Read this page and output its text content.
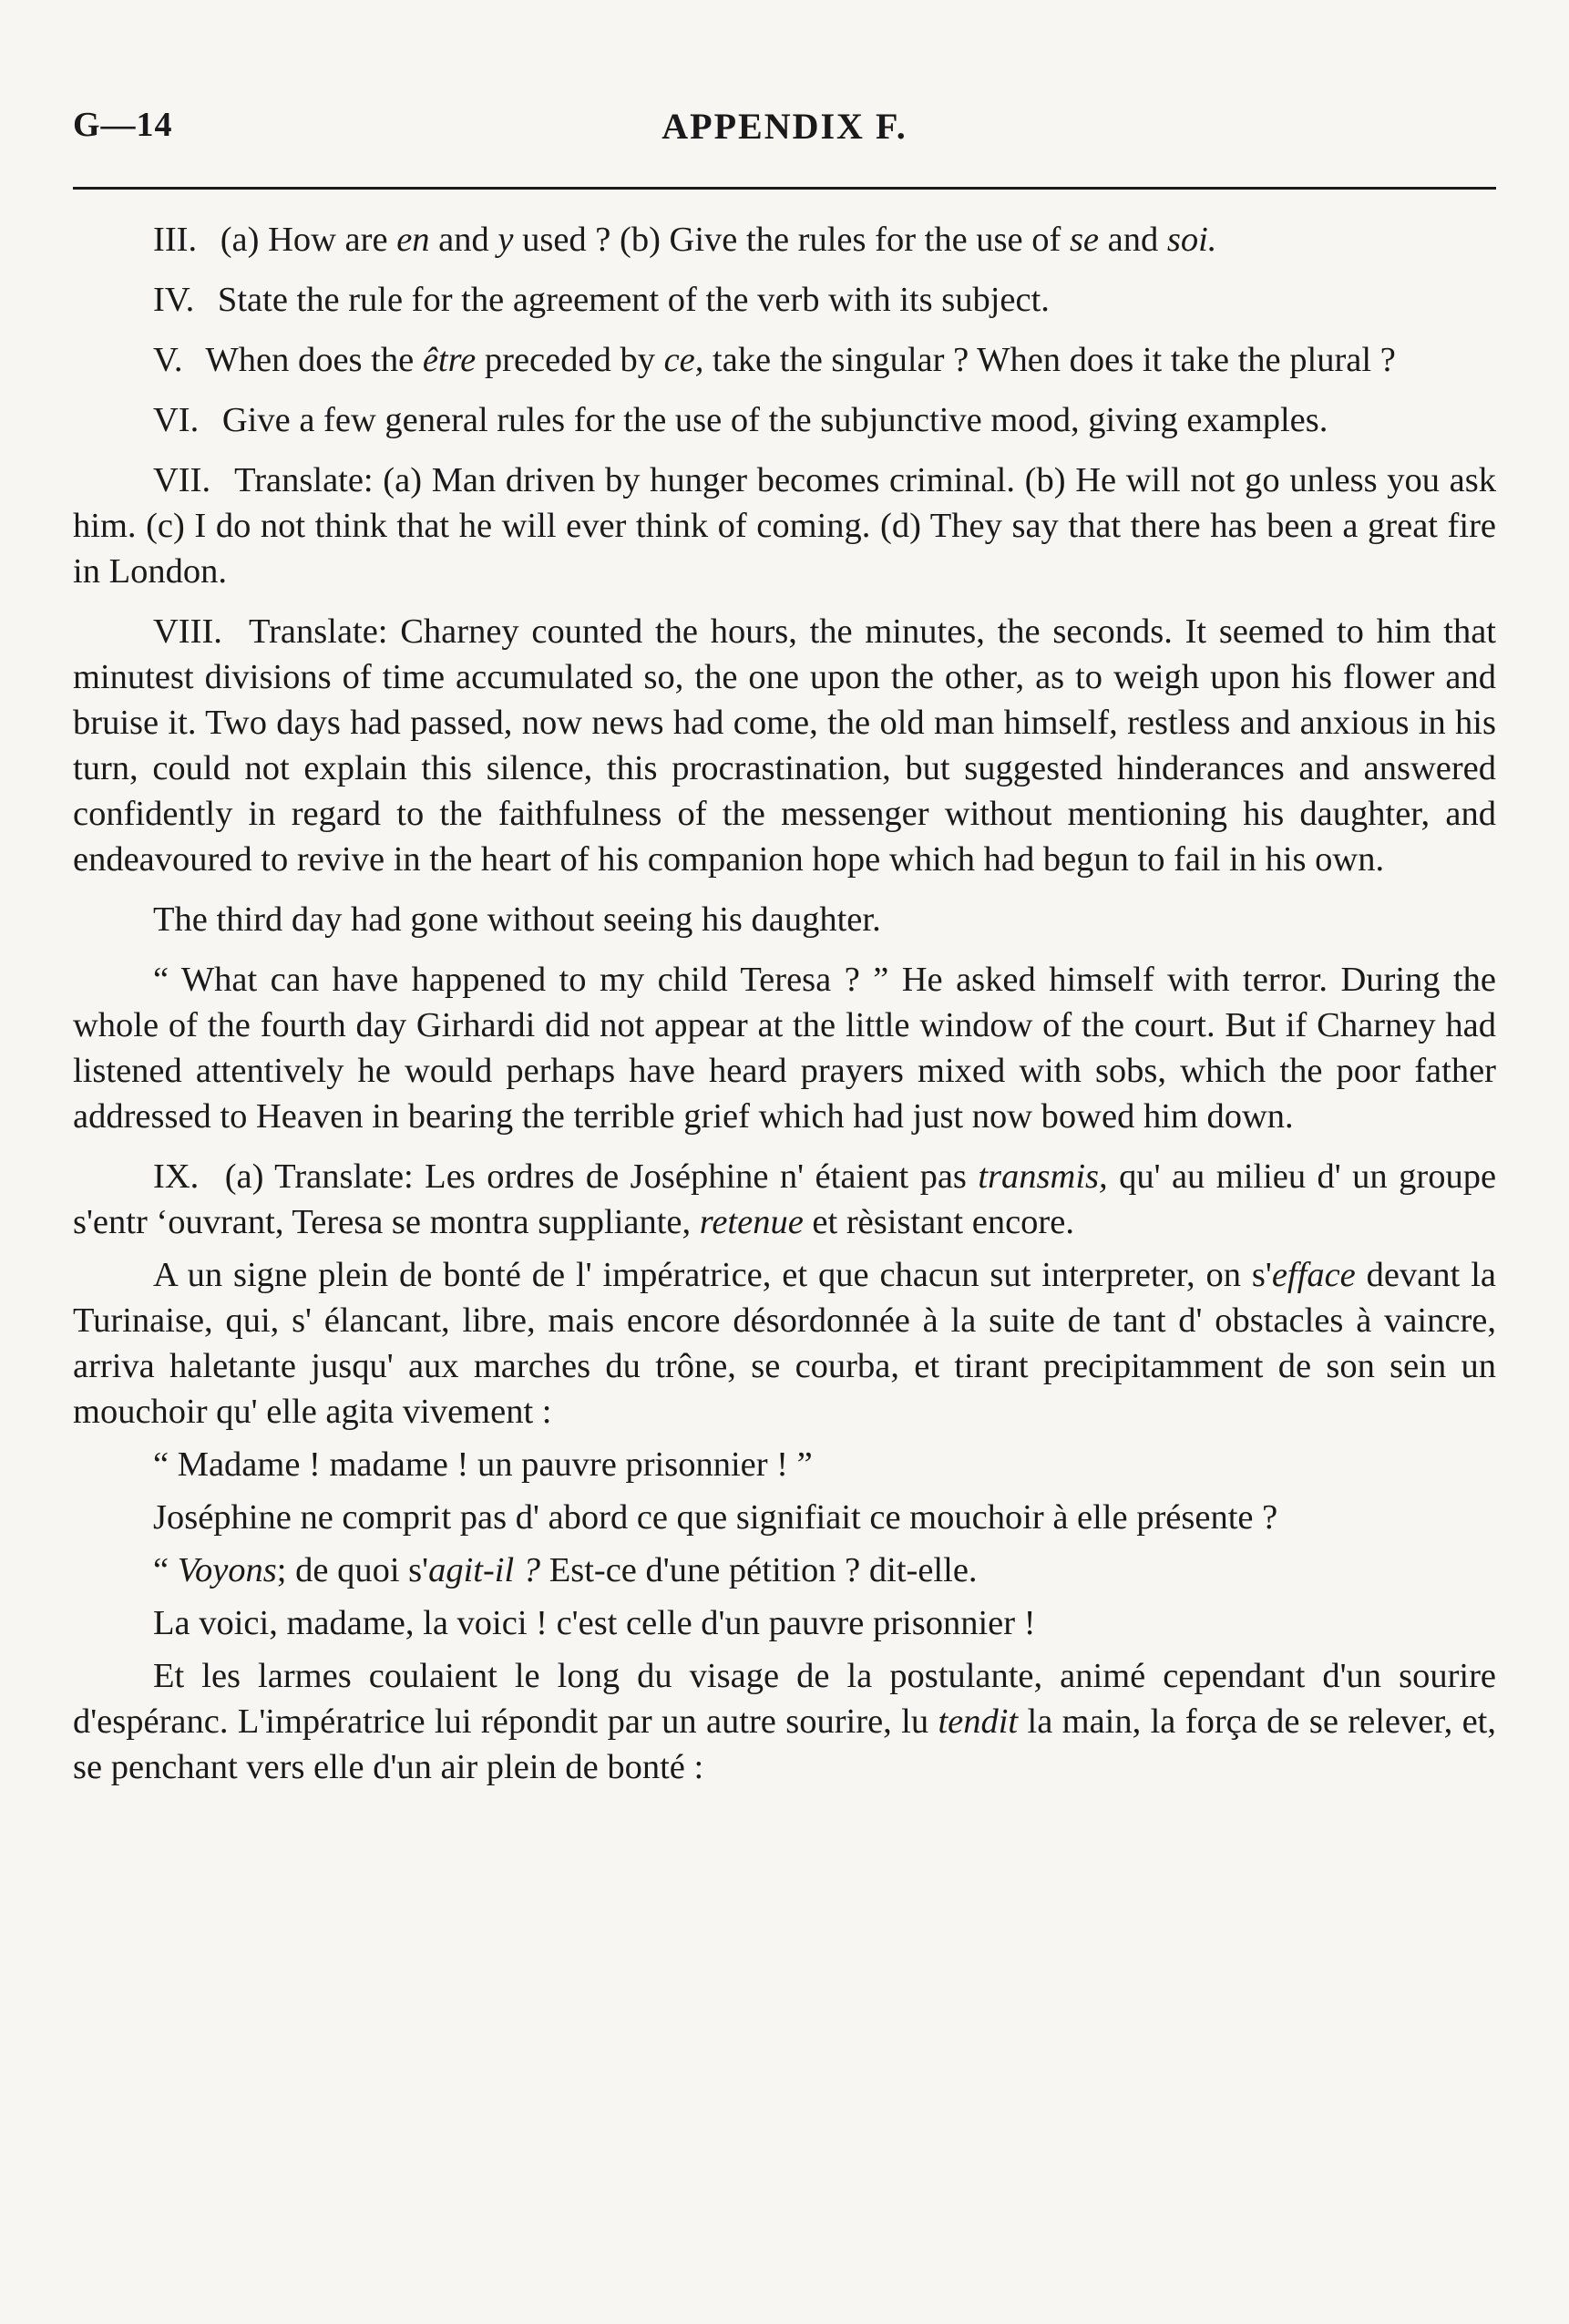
G—14	APPENDIX F.

III. (a) How are en and y used ? (b) Give the rules for the use of se and soi.

IV. State the rule for the agreement of the verb with its subject.

V. When does the être preceded by ce, take the singular ? When does it take the plural ?

VI. Give a few general rules for the use of the subjunctive mood, giving examples.

VII. Translate: (a) Man driven by hunger becomes criminal. (b) He will not go unless you ask him. (c) I do not think that he will ever think of coming. (d) They say that there has been a great fire in London.

VIII. Translate: Charney counted the hours, the minutes, the seconds. It seemed to him that minutest divisions of time accumulated so, the one upon the other, as to weigh upon his flower and bruise it. Two days had passed, now news had come, the old man himself, restless and anxious in his turn, could not explain this silence, this procrastination, but suggested hinderances and answered confidently in regard to the faithfulness of the messenger without mentioning his daughter, and endeavoured to revive in the heart of his companion hope which had begun to fail in his own.

The third day had gone without seeing his daughter.

“ What can have happened to my child Teresa ? ” He asked himself with terror. During the whole of the fourth day Girhardi did not appear at the little window of the court. But if Charney had listened attentively he would perhaps have heard prayers mixed with sobs, which the poor father addressed to Heaven in bearing the terrible grief which had just now bowed him down.

IX. (a) Translate: Les ordres de Joséphine n' étaient pas transmis, qu' au milieu d' un groupe s'entr ‘ouvrant, Teresa se montra suppliante, retenue et rèsistant encore.

A un signe plein de bonté de l' impératrice, et que chacun sut interpreter, on s'efface devant la Turinaise, qui, s' élancant, libre, mais encore désordonnée à la suite de tant d' obstacles à vaincre, arriva haletante jusqu' aux marches du trône, se courba, et tirant precipitamment de son sein un mouchoir qu' elle agita vivement :

“ Madame ! madame ! un pauvre prisonnier ! ”

Joséphine ne comprit pas d' abord ce que signifiait ce mouchoir à elle présente ?

“ Voyons; de quoi s'agit-il ? Est-ce d'une pétition ? dit-elle.

La voici, madame, la voici ! c'est celle d'un pauvre prisonnier !

Et les larmes coulaient le long du visage de la postulante, animé cependant d'un sourire d'espéranc. L'impératrice lui répondit par un autre sourire, lu tendit la main, la força de se relever, et, se penchant vers elle d'un air plein de bonté :
